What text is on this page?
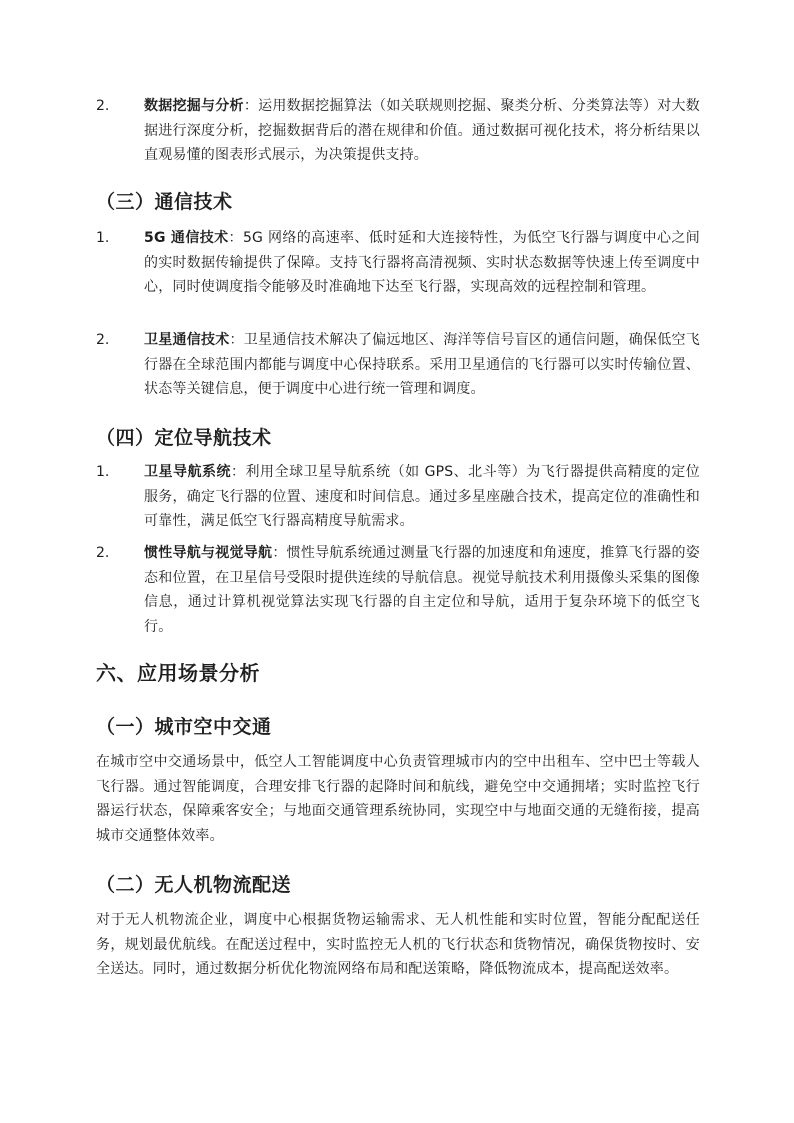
2. 数据挖掘与分析：运用数据挖掘算法（如关联规则挖掘、聚类分析、分类算法等）对大数据进行深度分析，挖掘数据背后的潜在规律和价值。通过数据可视化技术，将分析结果以直观易懂的图表形式展示，为决策提供支持。
（三）通信技术
1. 5G 通信技术：5G 网络的高速率、低时延和大连接特性，为低空飞行器与调度中心之间的实时数据传输提供了保障。支持飞行器将高清视频、实时状态数据等快速上传至调度中心，同时使调度指令能够及时准确地下达至飞行器，实现高效的远程控制和管理。
2. 卫星通信技术：卫星通信技术解决了偏远地区、海洋等信号盲区的通信问题，确保低空飞行器在全球范围内都能与调度中心保持联系。采用卫星通信的飞行器可以实时传输位置、状态等关键信息，便于调度中心进行统一管理和调度。
（四）定位导航技术
1. 卫星导航系统：利用全球卫星导航系统（如 GPS、北斗等）为飞行器提供高精度的定位服务，确定飞行器的位置、速度和时间信息。通过多星座融合技术，提高定位的准确性和可靠性，满足低空飞行器高精度导航需求。
2. 惯性导航与视觉导航：惯性导航系统通过测量飞行器的加速度和角速度，推算飞行器的姿态和位置，在卫星信号受限时提供连续的导航信息。视觉导航技术利用摄像头采集的图像信息，通过计算机视觉算法实现飞行器的自主定位和导航，适用于复杂环境下的低空飞行。
六、应用场景分析
（一）城市空中交通
在城市空中交通场景中，低空人工智能调度中心负责管理城市内的空中出租车、空中巴士等载人飞行器。通过智能调度，合理安排飞行器的起降时间和航线，避免空中交通拥堵；实时监控飞行器运行状态，保障乘客安全；与地面交通管理系统协同，实现空中与地面交通的无缝衔接，提高城市交通整体效率。
（二）无人机物流配送
对于无人机物流企业，调度中心根据货物运输需求、无人机性能和实时位置，智能分配配送任务，规划最优航线。在配送过程中，实时监控无人机的飞行状态和货物情况，确保货物按时、安全送达。同时，通过数据分析优化物流网络布局和配送策略，降低物流成本，提高配送效率。
